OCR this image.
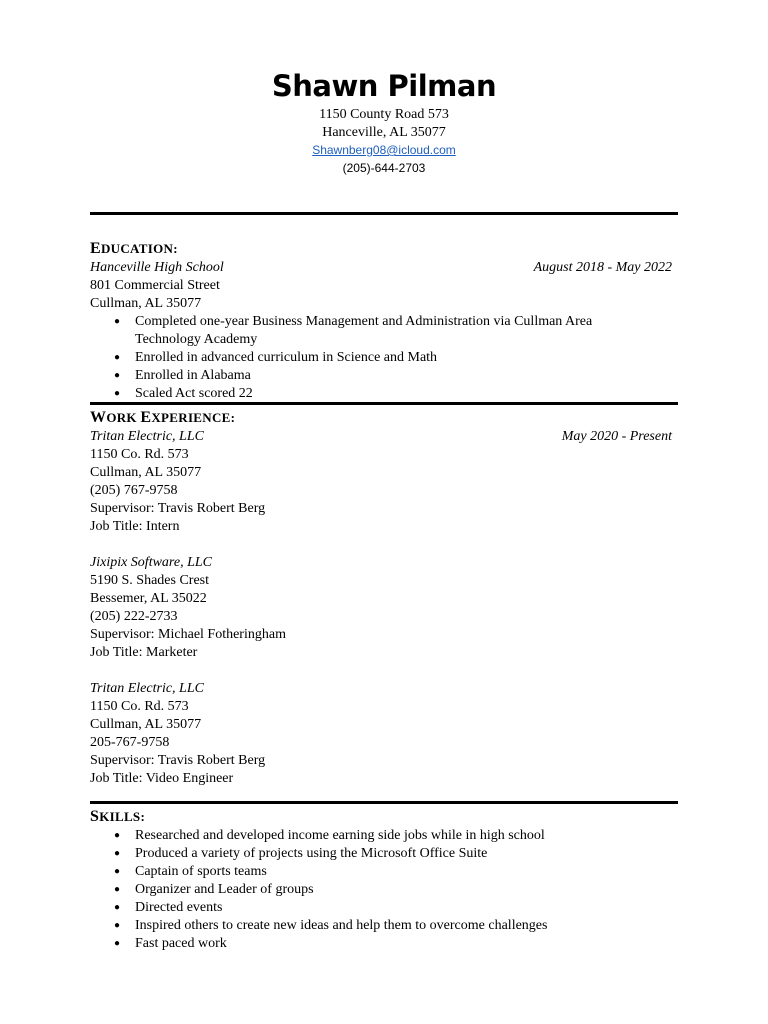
Shawn Pilman
1150 County Road 573
Hanceville, AL 35077
Shawnberg08@icloud.com
(205)-644-2703
EDUCATION:
Hanceville High School	August 2018 - May 2022
801 Commercial Street
Cullman, AL 35077
● Completed one-year Business Management and Administration via Cullman Area Technology Academy
● Enrolled in advanced curriculum in Science and Math
● Enrolled in Alabama
● Scaled Act scored 22
WORK EXPERIENCE:
Tritan Electric, LLC	May 2020 - Present
1150 Co. Rd. 573
Cullman, AL 35077
(205) 767-9758
Supervisor: Travis Robert Berg
Job Title: Intern
Jixipix Software, LLC
5190 S. Shades Crest
Bessemer, AL 35022
(205) 222-2733
Supervisor: Michael Fotheringham
Job Title: Marketer
Tritan Electric, LLC
1150 Co. Rd. 573
Cullman, AL 35077
205-767-9758
Supervisor: Travis Robert Berg
Job Title: Video Engineer
SKILLS:
● Researched and developed income earning side jobs while in high school
● Produced a variety of projects using the Microsoft Office Suite
● Captain of sports teams
● Organizer and Leader of groups
● Directed events
● Inspired others to create new ideas and help them to overcome challenges
● Fast paced work
